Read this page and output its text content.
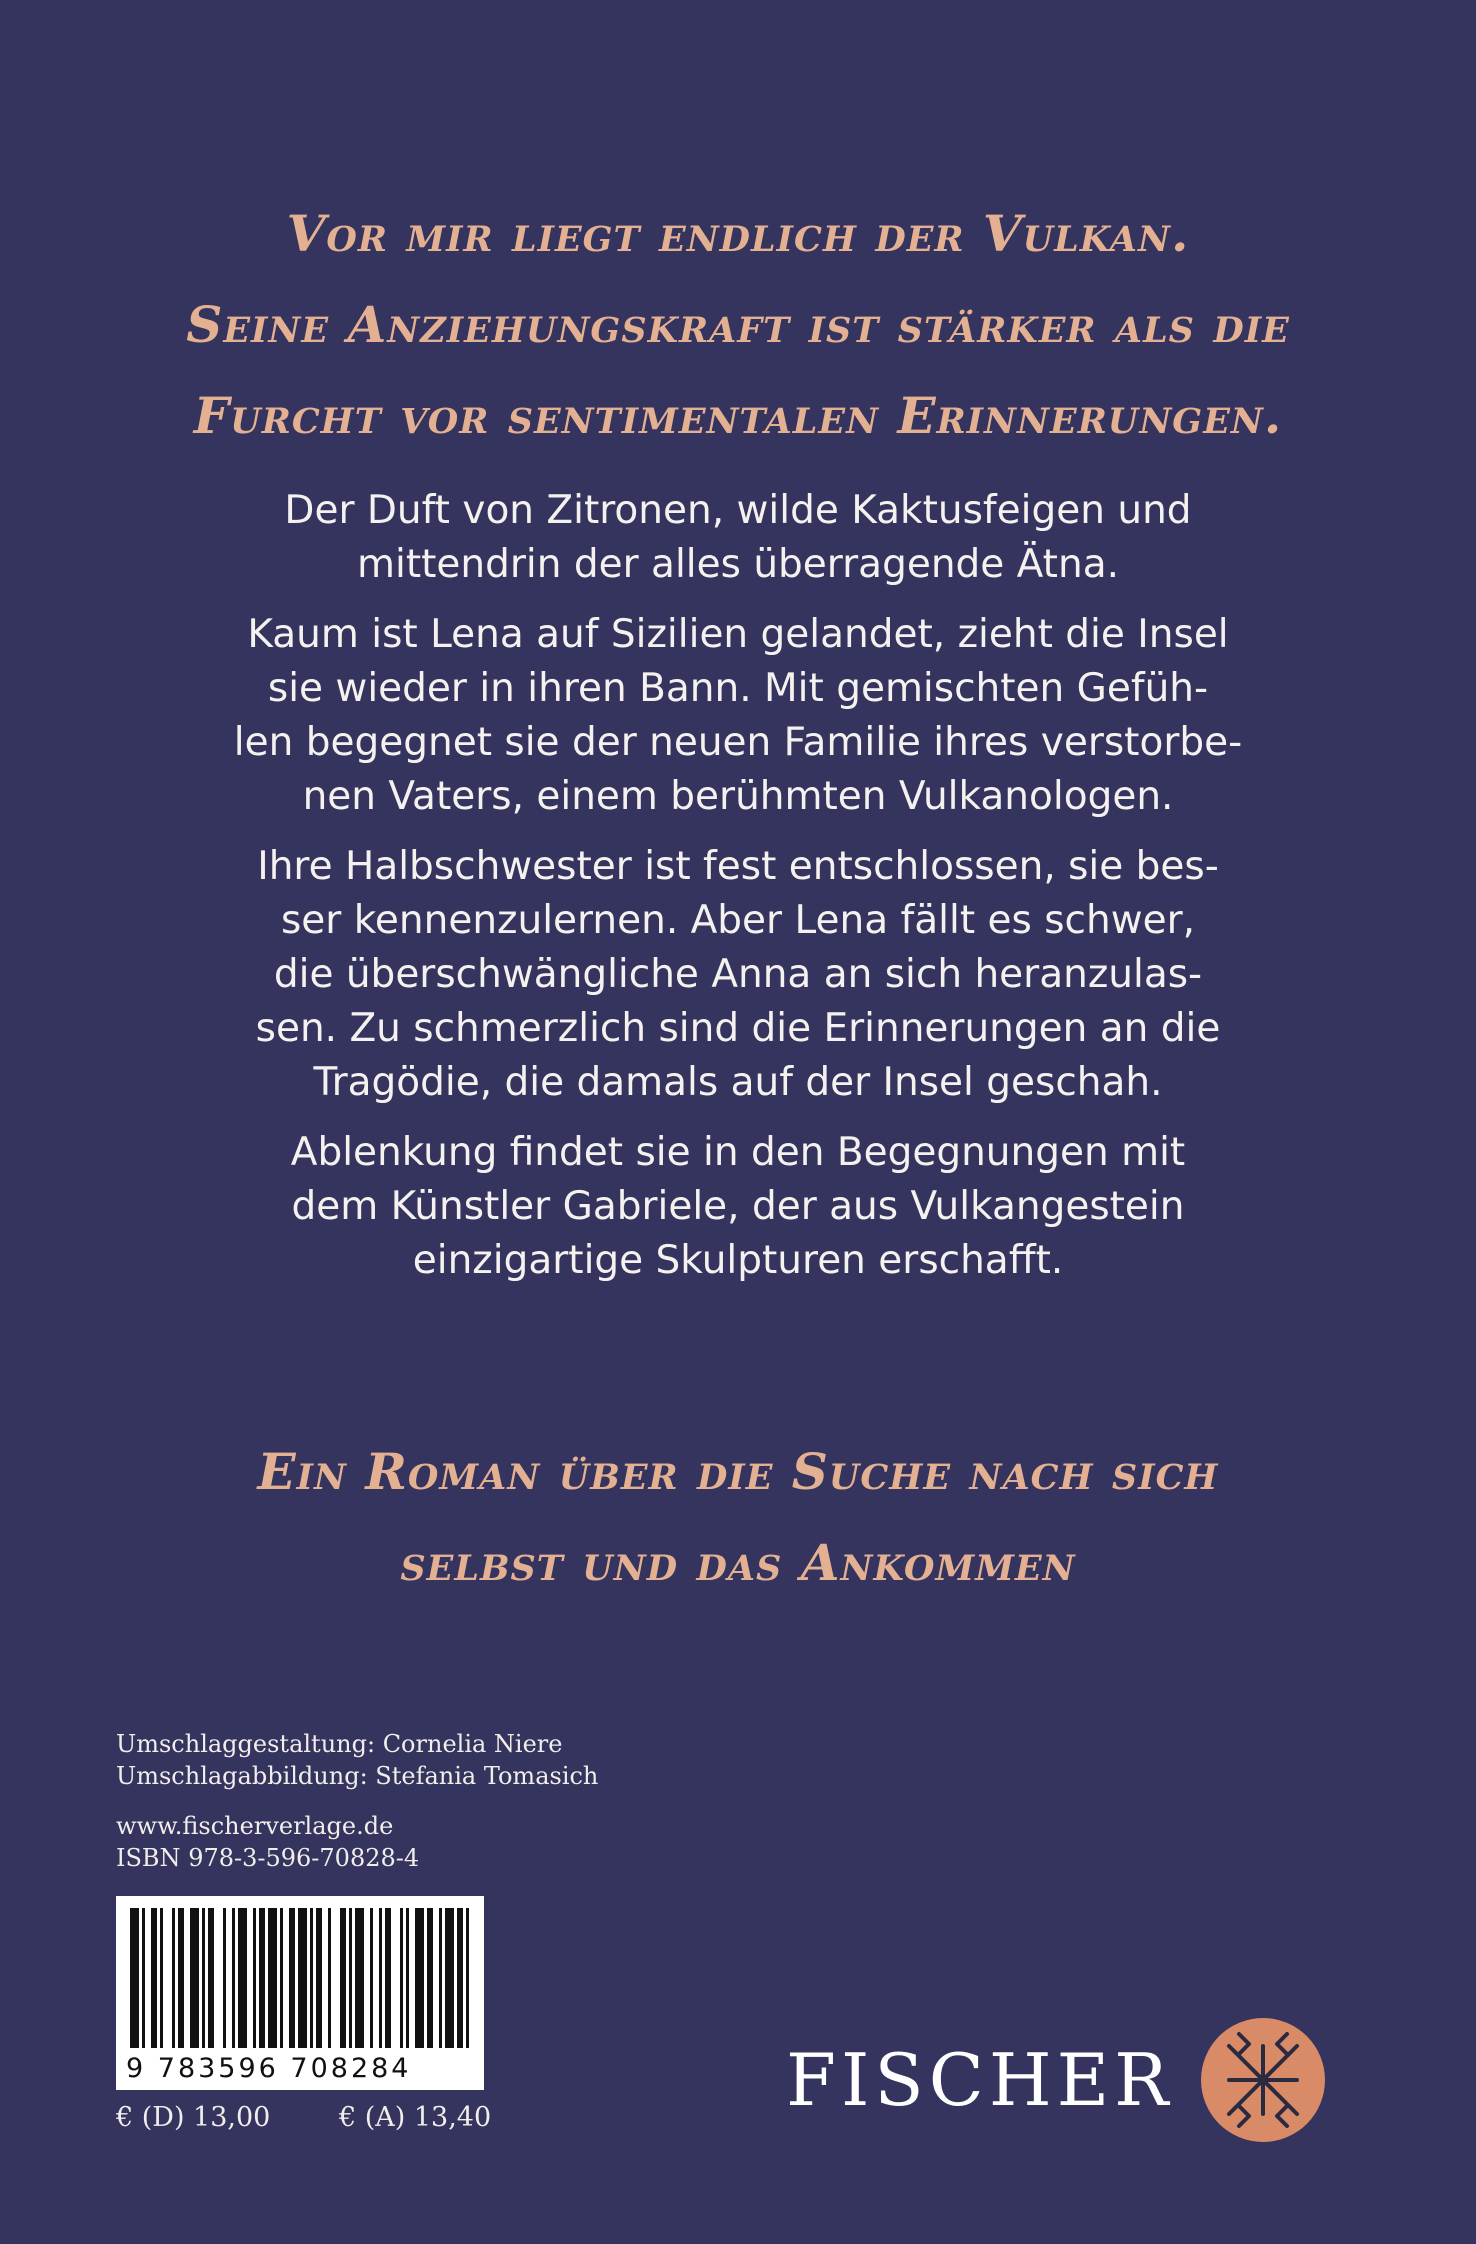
Vor mir liegt endlich der Vulkan.
Seine Anziehungskraft ist stärker als die
Furcht vor sentimentalen Erinnerungen.

Der Duft von Zitronen, wilde Kaktusfeigen und
mittendrin der alles überragende Ätna.

Kaum ist Lena auf Sizilien gelandet, zieht die Insel
sie wieder in ihren Bann. Mit gemischten Gefüh-
len begegnet sie der neuen Familie ihres verstorbe-
nen Vaters, einem berühmten Vulkanologen.

Ihre Halbschwester ist fest entschlossen, sie bes-
ser kennenzulernen. Aber Lena fällt es schwer,
die überschwängliche Anna an sich heranzulas-
sen. Zu schmerzlich sind die Erinnerungen an die
Tragödie, die damals auf der Insel geschah.

Ablenkung findet sie in den Begegnungen mit
dem Künstler Gabriele, der aus Vulkangestein
einzigartige Skulpturen erschafft.

Ein Roman über die Suche nach sich
selbst und das Ankommen
Umschlaggestaltung: Cornelia Niere
Umschlagabbildung: Stefania Tomasich
www.fischerverlage.de
ISBN 978-3-596-70828-4
9 783596 708284
€ (D) 13,00	€ (A) 13,40	FISCHER
